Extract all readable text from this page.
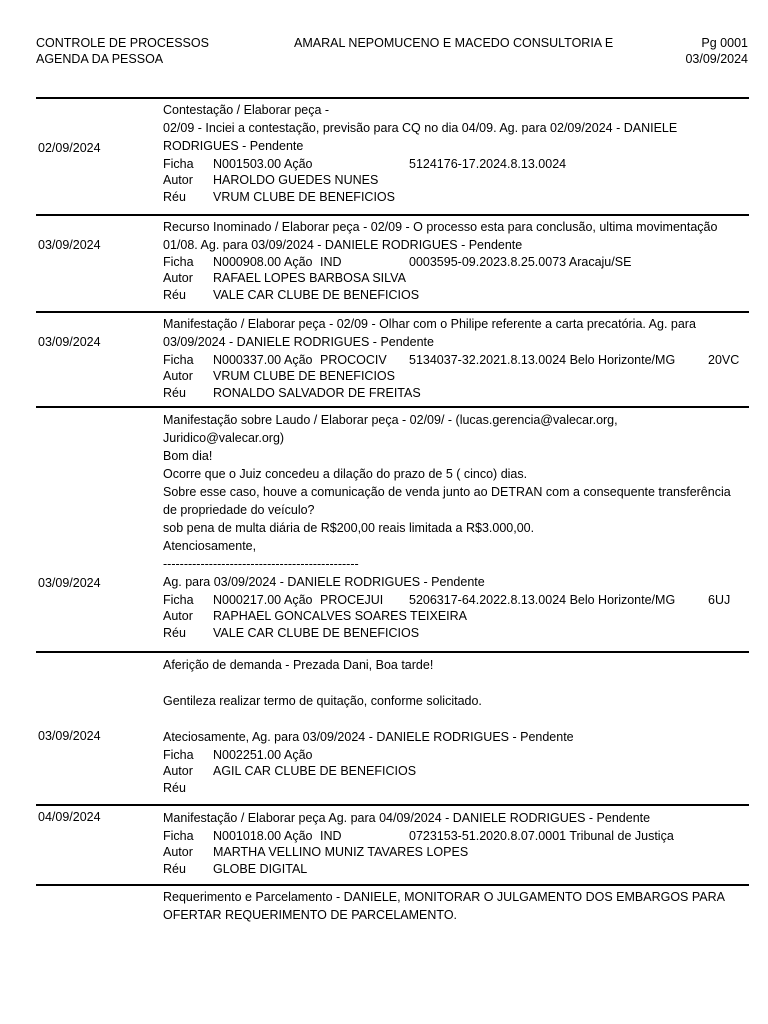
CONTROLE DE PROCESSOS
AGENDA DA PESSOA
AMARAL NEPOMUCENO E MACEDO CONSULTORIA E	Pg 0001
03/09/2024
02/09/2024

Contestação / Elaborar peça -

02/09 - Inciei a contestação, previsão para CQ no dia 04/09. Ag. para 02/09/2024 - DANIELE

RODRIGUES - Pendente

Ficha N001503.00 Ação	5124176-17.2024.8.13.0024
Autor HAROLDO GUEDES NUNES
Réu VRUM CLUBE DE BENEFICIOS
03/09/2024

Recurso Inominado / Elaborar peça - 02/09 - O processo esta para conclusão, ultima movimentação

01/08. Ag. para 03/09/2024 - DANIELE RODRIGUES - Pendente

Ficha N000908.00 Ação IND	0003595-09.2023.8.25.0073 Aracaju/SE
Autor RAFAEL LOPES BARBOSA SILVA
Réu VALE CAR CLUBE DE BENEFICIOS
03/09/2024

Manifestação / Elaborar peça - 02/09 - Olhar com o Philipe referente a carta precatória. Ag. para

03/09/2024 - DANIELE RODRIGUES - Pendente

Ficha N000337.00 Ação PROCOCIV 5134037-32.2021.8.13.0024 Belo Horizonte/MG	20VC
Autor VRUM CLUBE DE BENEFICIOS
Réu RONALDO SALVADOR DE FREITAS
03/09/2024

Manifestação sobre Laudo / Elaborar peça - 02/09/ - (lucas.gerencia@valecar.org,

Juridico@valecar.org)

Bom dia!

Ocorre que o Juiz concedeu a dilação do prazo de 5 ( cinco) dias.

Sobre esse caso, houve a comunicação de venda junto ao DETRAN com a consequente transferência

de propriedade do veículo?

sob pena de multa diária de R$200,00 reais limitada a R$3.000,00.

Atenciosamente,

-----------------------------------------------

Ag. para 03/09/2024 - DANIELE RODRIGUES - Pendente

Ficha N000217.00 Ação PROCEJUI 5206317-64.2022.8.13.0024 Belo Horizonte/MG	6UJ
Autor RAPHAEL GONCALVES SOARES TEIXEIRA
Réu VALE CAR CLUBE DE BENEFICIOS
03/09/2024

Aferição de demanda - Prezada Dani, Boa tarde!

Gentileza realizar termo de quitação, conforme solicitado.

Ateciosamente, Ag. para 03/09/2024 - DANIELE RODRIGUES - Pendente

Ficha N002251.00 Ação
Autor AGIL CAR CLUBE DE BENEFICIOS
Réu
04/09/2024	Manifestação / Elaborar peça Ag. para 04/09/2024 - DANIELE RODRIGUES - Pendente

Ficha N001018.00 Ação IND	0723153-51.2020.8.07.0001 Tribunal de Justiça
Autor MARTHA VELLINO MUNIZ TAVARES LOPES
Réu GLOBE DIGITAL

Requerimento e Parcelamento - DANIELE, MONITORAR O JULGAMENTO DOS EMBARGOS PARA

OFERTAR REQUERIMENTO DE PARCELAMENTO.
